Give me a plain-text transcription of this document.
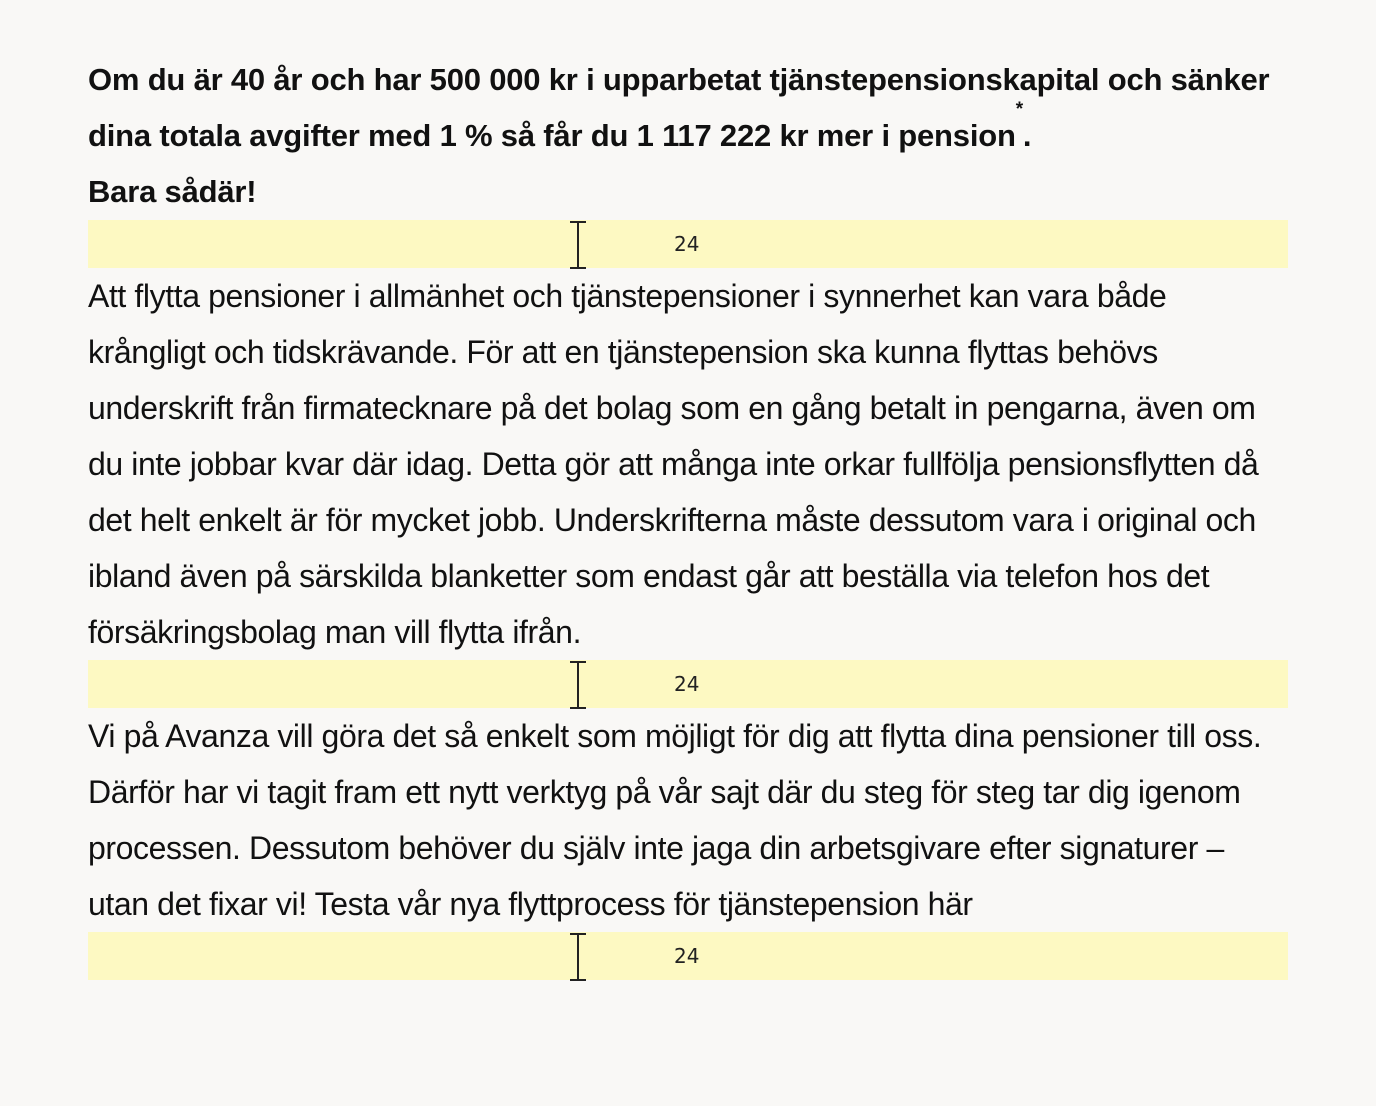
Om du är 40 år och har 500 000 kr i upparbetat tjänstepensionskapital och sänker dina totala avgifter med 1 % så får du 1 117 222 kr mer i pension*.
Bara sådär!

24

Att flytta pensioner i allmänhet och tjänstepensioner i synnerhet kan vara både krångligt och tidskrävande. För att en tjänstepension ska kunna flyttas behövs underskrift från firmatecknare på det bolag som en gång betalt in pengarna, även om du inte jobbar kvar där idag. Detta gör att många inte orkar fullfölja pensionsflytten då det helt enkelt är för mycket jobb. Underskrifterna måste dessutom vara i original och ibland även på särskilda blanketter som endast går att beställa via telefon hos det försäkringsbolag man vill flytta ifrån.

24

Vi på Avanza vill göra det så enkelt som möjligt för dig att flytta dina pensioner till oss. Därför har vi tagit fram ett nytt verktyg på vår sajt där du steg för steg tar dig igenom processen. Dessutom behöver du själv inte jaga din arbetsgivare efter signaturer – utan det fixar vi! Testa vår nya flyttprocess för tjänstepension här

24
